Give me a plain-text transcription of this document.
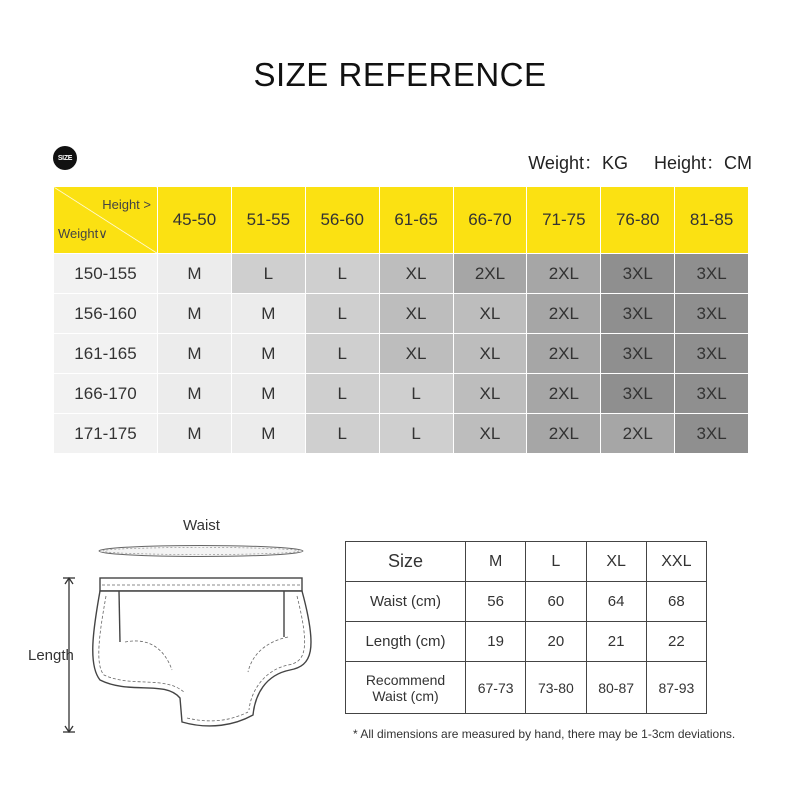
SIZE REFERENCE
SIZE	Weight：KG Height：CM
Height >
Weight∨	45-50	51-55	56-60	61-65	66-70	71-75	76-80	81-85
150-155	M	L	L	XL	2XL	2XL	3XL	3XL
156-160	M	M	L	XL	XL	2XL	3XL	3XL
161-165	M	M	L	XL	XL	2XL	3XL	3XL
166-170	M	M	L	L	XL	2XL	3XL	3XL
171-175	M	M	L	L	XL	2XL	2XL	3XL
Waist
Length
Size	M	L	XL	XXL
Waist (cm)	56	60	64	68
Length (cm)	19	20	21	22

Recommend
Waist (cm)	67-73	73-80	80-87	87-93
* All dimensions are measured by hand, there may be 1-3cm deviations.
